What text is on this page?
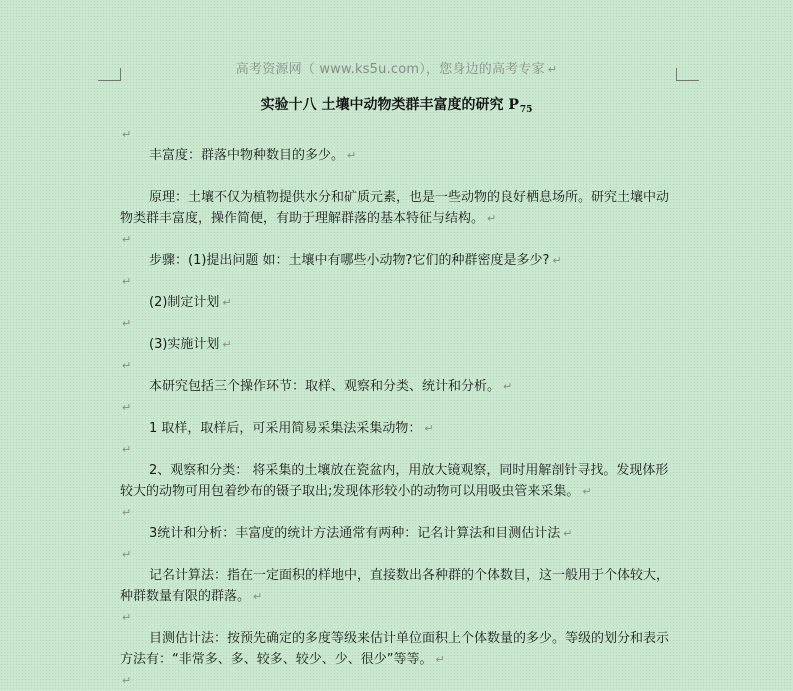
高考资源网（ www.ks5u.com），您身边的高考专家 ↵
实验十八 土壤中动物类群丰富度的研究 $P_{75}$
↵

丰富度：群落中物种数目的多少。 ↵

原理：土壤不仅为植物提供水分和矿质元素，也是一些动物的良好栖息场所。研究土壤中动物类群丰富度，操作简便，有助于理解群落的基本特征与结构。 ↵

↵

步骤：(1)提出问题 如：土壤中有哪些小动物?它们的种群密度是多少? ↵

↵

(2)制定计划 ↵

↵

(3)实施计划 ↵

↵

本研究包括三个操作环节：取样、观察和分类、统计和分析。 ↵

↵

1 取样，取样后，可采用简易采集法采集动物： ↵

↵

2、观察和分类： 将采集的土壤放在瓷盆内，用放大镜观察，同时用解剖针寻找。发现体形较大的动物可用包着纱布的镊子取出;发现体形较小的动物可以用吸虫管来采集。 ↵

↵

3统计和分析：丰富度的统计方法通常有两种：记名计算法和目测估计法 ↵

↵

记名计算法：指在一定面积的样地中，直接数出各种群的个体数目，这一般用于个体较大，种群数量有限的群落。 ↵

↵

目测估计法：按预先确定的多度等级来估计单位面积上个体数量的多少。等级的划分和表示方法有：“非常多、多、较多、较少、少、很少”等等。 ↵

↵
